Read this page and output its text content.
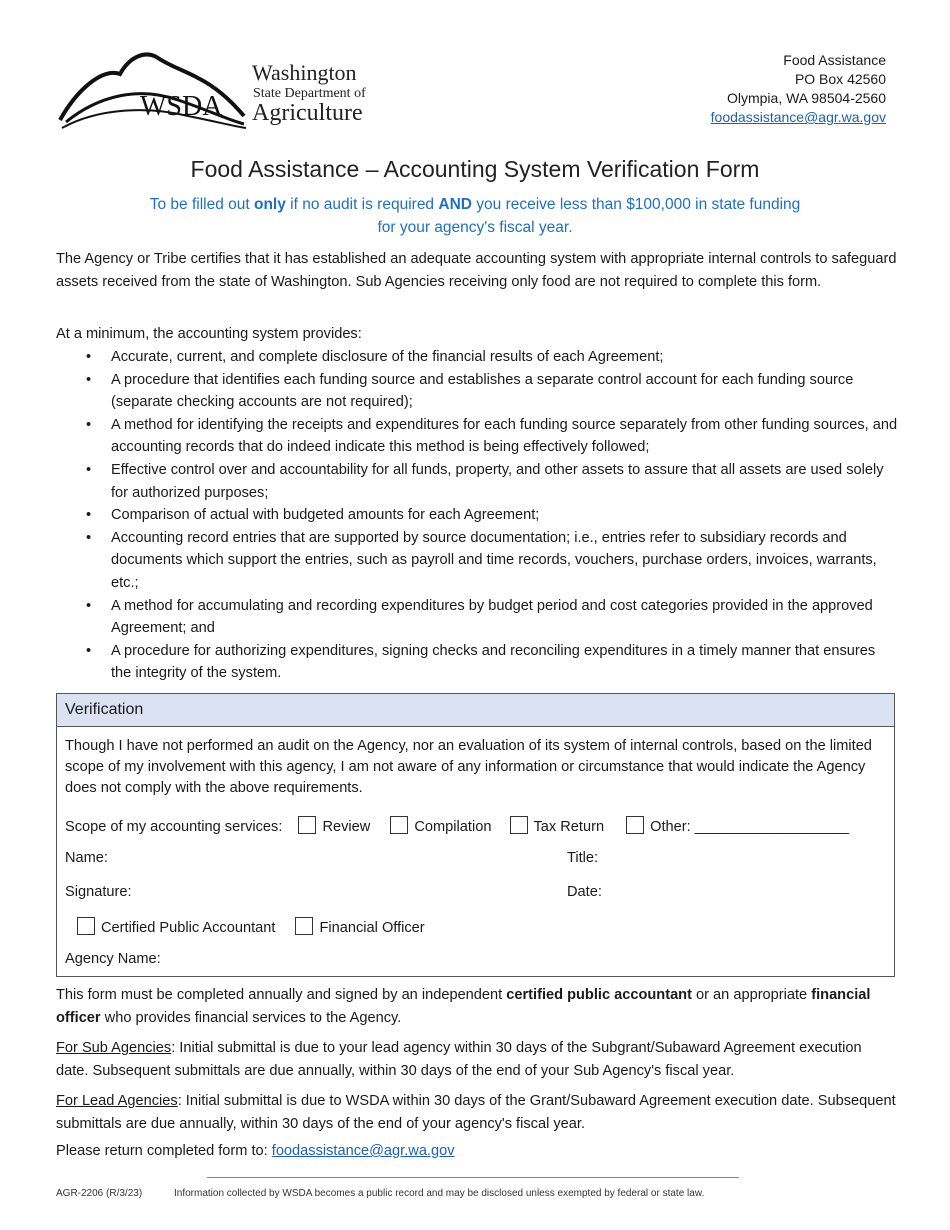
WSDA
Washington
State Department of
Agriculture
Food Assistance
PO Box 42560
Olympia, WA 98504-2560
foodassistance@agr.wa.gov
Food Assistance – Accounting System Verification Form
To be filled out only if no audit is required AND you receive less than $100,000 in state funding
for your agency's fiscal year.
The Agency or Tribe certifies that it has established an adequate accounting system with appropriate internal controls to safeguard assets received from the state of Washington. Sub Agencies receiving only food are not required to complete this form.
At a minimum, the accounting system provides:
• Accurate, current, and complete disclosure of the financial results of each Agreement;
• A procedure that identifies each funding source and establishes a separate control account for each funding source (separate checking accounts are not required);
• A method for identifying the receipts and expenditures for each funding source separately from other funding sources, and accounting records that do indeed indicate this method is being effectively followed;
• Effective control over and accountability for all funds, property, and other assets to assure that all assets are used solely for authorized purposes;
• Comparison of actual with budgeted amounts for each Agreement;
• Accounting record entries that are supported by source documentation; i.e., entries refer to subsidiary records and documents which support the entries, such as payroll and time records, vouchers, purchase orders, invoices, warrants, etc.;
• A method for accumulating and recording expenditures by budget period and cost categories provided in the approved Agreement; and
• A procedure for authorizing expenditures, signing checks and reconciling expenditures in a timely manner that ensures the integrity of the system.
Verification
Though I have not performed an audit on the Agency, nor an evaluation of its system of internal controls, based on the limited scope of my involvement with this agency, I am not aware of any information or circumstance that would indicate the Agency does not comply with the above requirements.
Scope of my accounting services:	Review	Compilation	Tax Return	Other: ___________________
Name:	Title:
Signature:	Date:
Certified Public Accountant	Financial Officer
Agency Name:
This form must be completed annually and signed by an independent certified public accountant or an appropriate financial officer who provides financial services to the Agency.
For Sub Agencies: Initial submittal is due to your lead agency within 30 days of the Subgrant/Subaward Agreement execution date. Subsequent submittals are due annually, within 30 days of the end of your Sub Agency's fiscal year.
For Lead Agencies: Initial submittal is due to WSDA within 30 days of the Grant/Subaward Agreement execution date. Subsequent submittals are due annually, within 30 days of the end of your agency's fiscal year.
Please return completed form to: foodassistance@agr.wa.gov
AGR-2206 (R/3/23)	Information collected by WSDA becomes a public record and may be disclosed unless exempted by federal or state law.
